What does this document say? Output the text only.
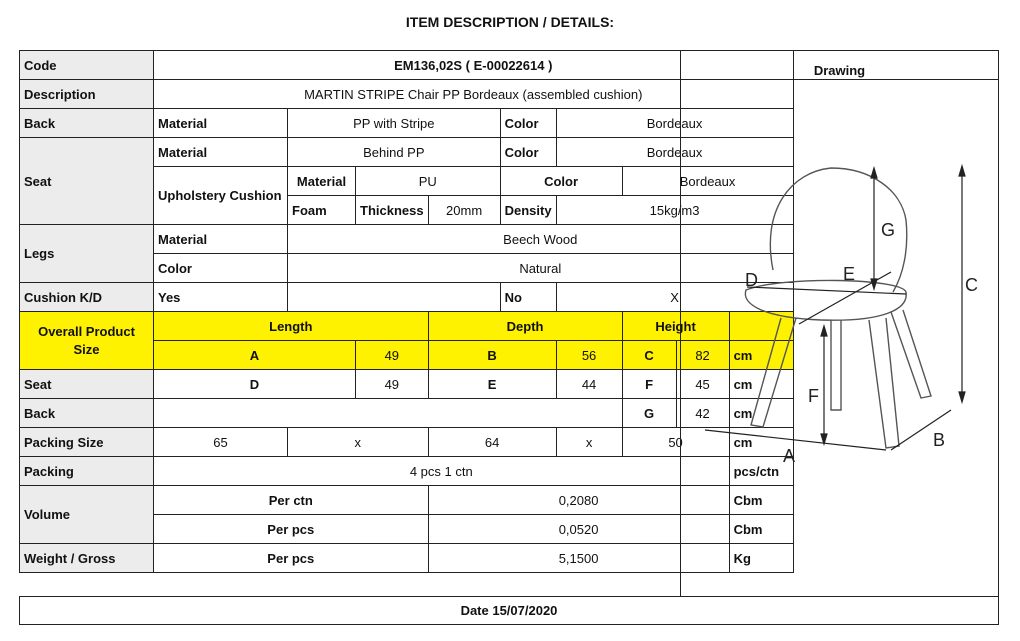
ITEM DESCRIPTION / DETAILS:
Code	EM136,02S ( E-00022614 )								
Description	MARTIN STRIPE Chair PP Bordeaux (assembled cushion)								
Back	Material	PP with Stripe			Color	Bordeaux			
Seat	Material	Behind PP			Color	Bordeaux			
	Upholstery Cushion	Material	PU		Color		Bordeaux		
		Foam	Thickness	20mm	Density	15kg/m3			
Legs	Material	Beech Wood							
	Color	Natural							
Cushion K/D	Yes				No	X			
Overall Product Size	Length			Depth			Height		
	A		49	B		56	C	82	cm
Seat	D		49	E		44	F	45	cm
Back							G	42	cm
Packing Size	65	x		64		x	50		cm
Packing	4 pcs 1 ctn								pcs/ctn
Volume	Per ctn			0,2080					Cbm
	Per pcs			0,0520					Cbm
Weight / Gross	Per pcs			5,1500					Kg
Drawing
G
C
D	E
F
A
B
Date 15/07/2020
